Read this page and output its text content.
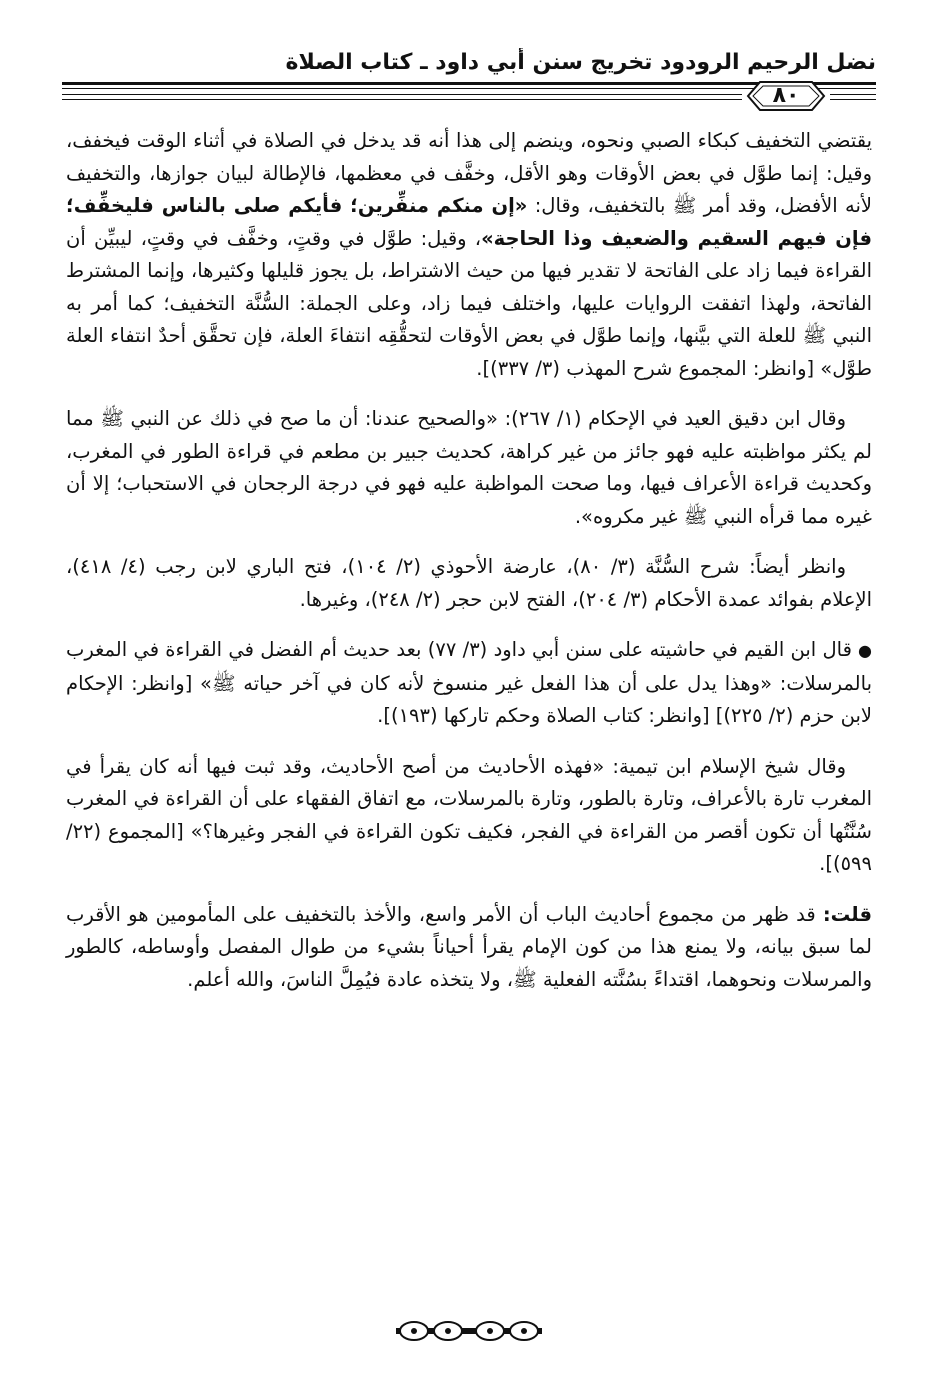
نضل الرحيم الرودود تخريج سنن أبي داود ـ كتاب الصلاة
٨٠

يقتضي التخفيف كبكاء الصبي ونحوه، وينضم إلى هذا أنه قد يدخل في الصلاة في أثناء الوقت فيخفف، وقيل: إنما طوَّل في بعض الأوقات وهو الأقل، وخفَّف في معظمها، فالإطالة لبيان جوازها، والتخفيف لأنه الأفضل، وقد أمر ﷺ بالتخفيف، وقال: «إن منكم منفِّرين؛ فأيكم صلى بالناس فليخفِّف؛ فإن فيهم السقيم والضعيف وذا الحاجة»، وقيل: طوَّل في وقتٍ، وخفَّف في وقتٍ، ليبيِّن أن القراءة فيما زاد على الفاتحة لا تقدير فيها من حيث الاشتراط، بل يجوز قليلها وكثيرها، وإنما المشترط الفاتحة، ولهذا اتفقت الروايات عليها، واختلف فيما زاد، وعلى الجملة: السُّنَّة التخفيف؛ كما أمر به النبي ﷺ للعلة التي بيَّنها، وإنما طوَّل في بعض الأوقات لتحقُّقِه انتفاءَ العلة، فإن تحقَّق أحدٌ انتفاء العلة طوَّل» [وانظر: المجموع شرح المهذب (٣/ ٣٣٧)].

وقال ابن دقيق العيد في الإحكام (١/ ٢٦٧): «والصحيح عندنا: أن ما صح في ذلك عن النبي ﷺ مما لم يكثر مواظبته عليه فهو جائز من غير كراهة، كحديث جبير بن مطعم في قراءة الطور في المغرب، وكحديث قراءة الأعراف فيها، وما صحت المواظبة عليه فهو في درجة الرجحان في الاستحباب؛ إلا أن غيره مما قرأه النبي ﷺ غير مكروه».

وانظر أيضاً: شرح السُّنَّة (٣/ ٨٠)، عارضة الأحوذي (٢/ ١٠٤)، فتح الباري لابن رجب (٤/ ٤١٨)، الإعلام بفوائد عمدة الأحكام (٣/ ٢٠٤)، الفتح لابن حجر (٢/ ٢٤٨)، وغيرها.

●قال ابن القيم في حاشيته على سنن أبي داود (٣/ ٧٧) بعد حديث أم الفضل في القراءة في المغرب بالمرسلات: «وهذا يدل على أن هذا الفعل غير منسوخ لأنه كان في آخر حياته ﷺ» [وانظر: الإحكام لابن حزم (٢/ ٢٢٥)] [وانظر: كتاب الصلاة وحكم تاركها (١٩٣)].

وقال شيخ الإسلام ابن تيمية: «فهذه الأحاديث من أصح الأحاديث، وقد ثبت فيها أنه كان يقرأ في المغرب تارة بالأعراف، وتارة بالطور، وتارة بالمرسلات، مع اتفاق الفقهاء على أن القراءة في المغرب سُنَّتُها أن تكون أقصر من القراءة في الفجر، فكيف تكون القراءة في الفجر وغيرها؟» [المجموع (٢٢/ ٥٩٩)].

قلت: قد ظهر من مجموع أحاديث الباب أن الأمر واسع، والأخذ بالتخفيف على المأمومين هو الأقرب لما سبق بيانه، ولا يمنع هذا من كون الإمام يقرأ أحياناً بشيء من طوال المفصل وأوساطه، كالطور والمرسلات ونحوهما، اقتداءً بسُنَّته الفعلية ﷺ، ولا يتخذه عادة فيُمِلَّ الناسَ، والله أعلم.
